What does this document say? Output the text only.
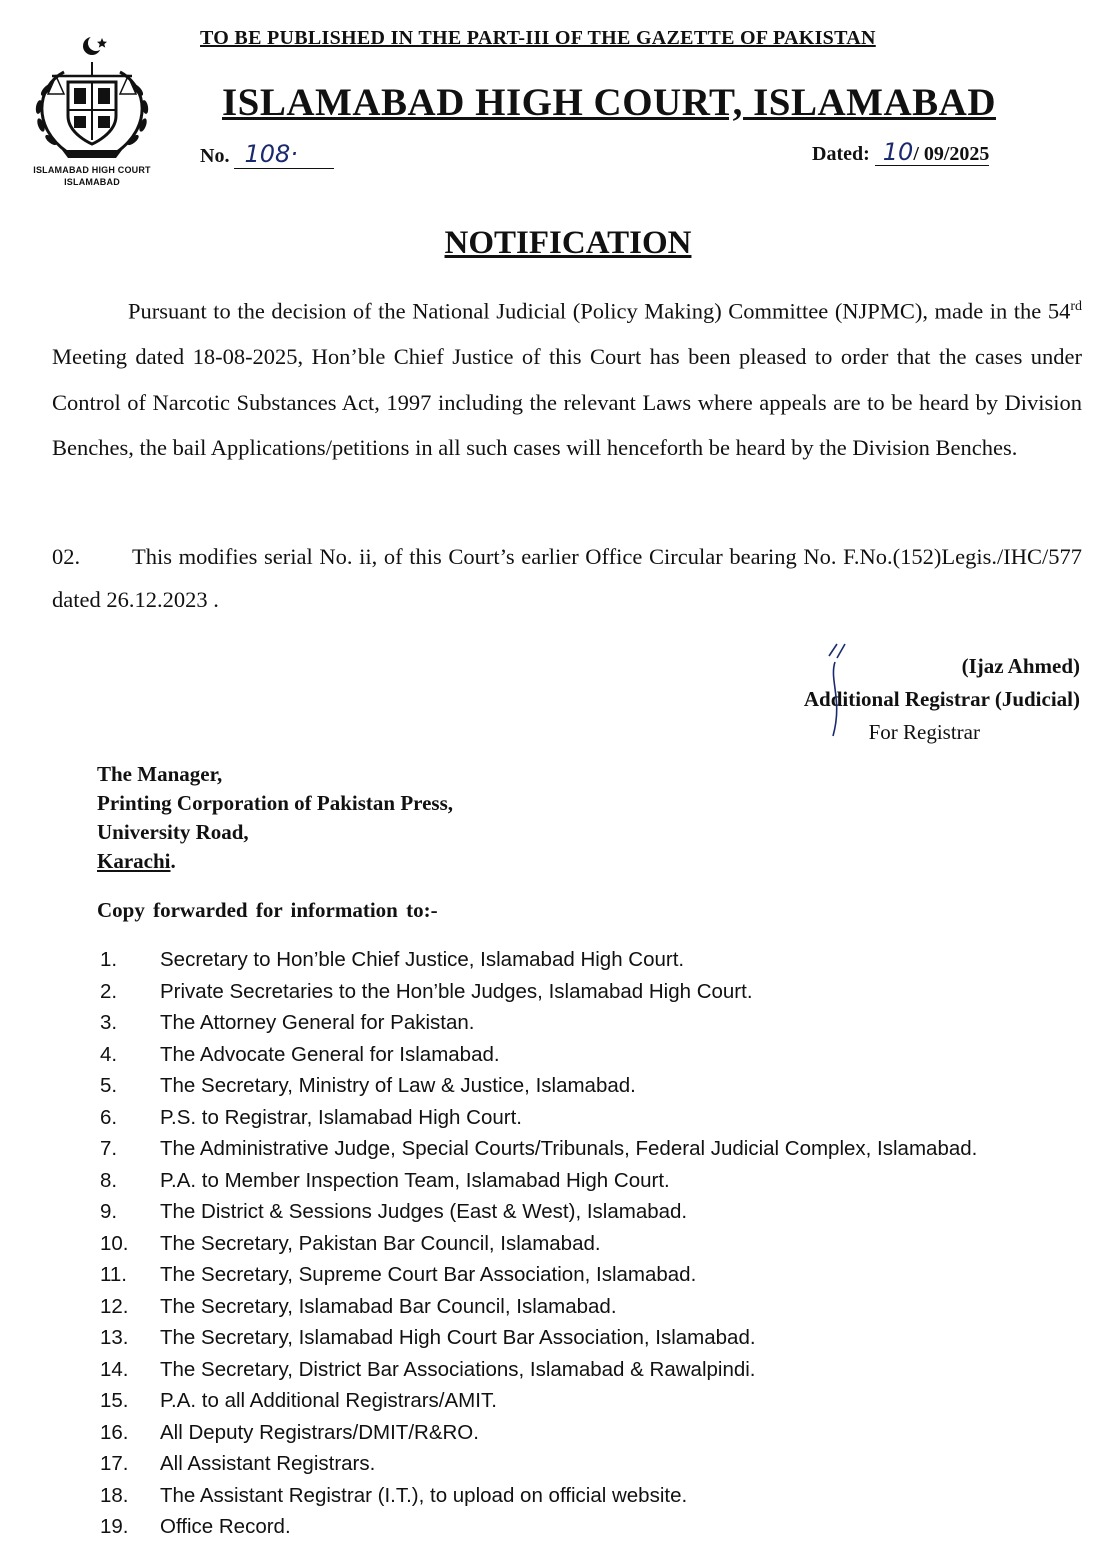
ISLAMABAD HIGH COURT
ISLAMABAD
TO BE PUBLISHED IN THE PART-III OF THE GAZETTE OF PAKISTAN
ISLAMABAD HIGH COURT, ISLAMABAD
No. 108·	Dated: 10/ 09/2025
NOTIFICATION
Pursuant to the decision of the National Judicial (Policy Making) Committee (NJPMC), made in the 54rd Meeting dated 18-08-2025, Hon’ble Chief Justice of this Court has been pleased to order that the cases under Control of Narcotic Substances Act, 1997 including the relevant Laws where appeals are to be heard by Division Benches, the bail Applications/petitions in all such cases will henceforth be heard by the Division Benches.
02. This modifies serial No. ii, of this Court’s earlier Office Circular bearing No. F.No.(152)Legis./IHC/577 dated 26.12.2023 .
(Ijaz Ahmed)
Additional Registrar (Judicial)
For Registrar
The Manager,
Printing Corporation of Pakistan Press,
University Road,
Karachi.
Copy forwarded for information to:-
1. Secretary to Hon’ble Chief Justice, Islamabad High Court.
2. Private Secretaries to the Hon’ble Judges, Islamabad High Court.
3. The Attorney General for Pakistan.
4. The Advocate General for Islamabad.
5. The Secretary, Ministry of Law & Justice, Islamabad.
6. P.S. to Registrar, Islamabad High Court.
7. The Administrative Judge, Special Courts/Tribunals, Federal Judicial Complex, Islamabad.
8. P.A. to Member Inspection Team, Islamabad High Court.
9. The District & Sessions Judges (East & West), Islamabad.
10. The Secretary, Pakistan Bar Council, Islamabad.
11. The Secretary, Supreme Court Bar Association, Islamabad.
12. The Secretary, Islamabad Bar Council, Islamabad.
13. The Secretary, Islamabad High Court Bar Association, Islamabad.
14. The Secretary, District Bar Associations, Islamabad & Rawalpindi.
15. P.A. to all Additional Registrars/AMIT.
16. All Deputy Registrars/DMIT/R&RO.
17. All Assistant Registrars.
18. The Assistant Registrar (I.T.), to upload on official website.
19. Office Record.
